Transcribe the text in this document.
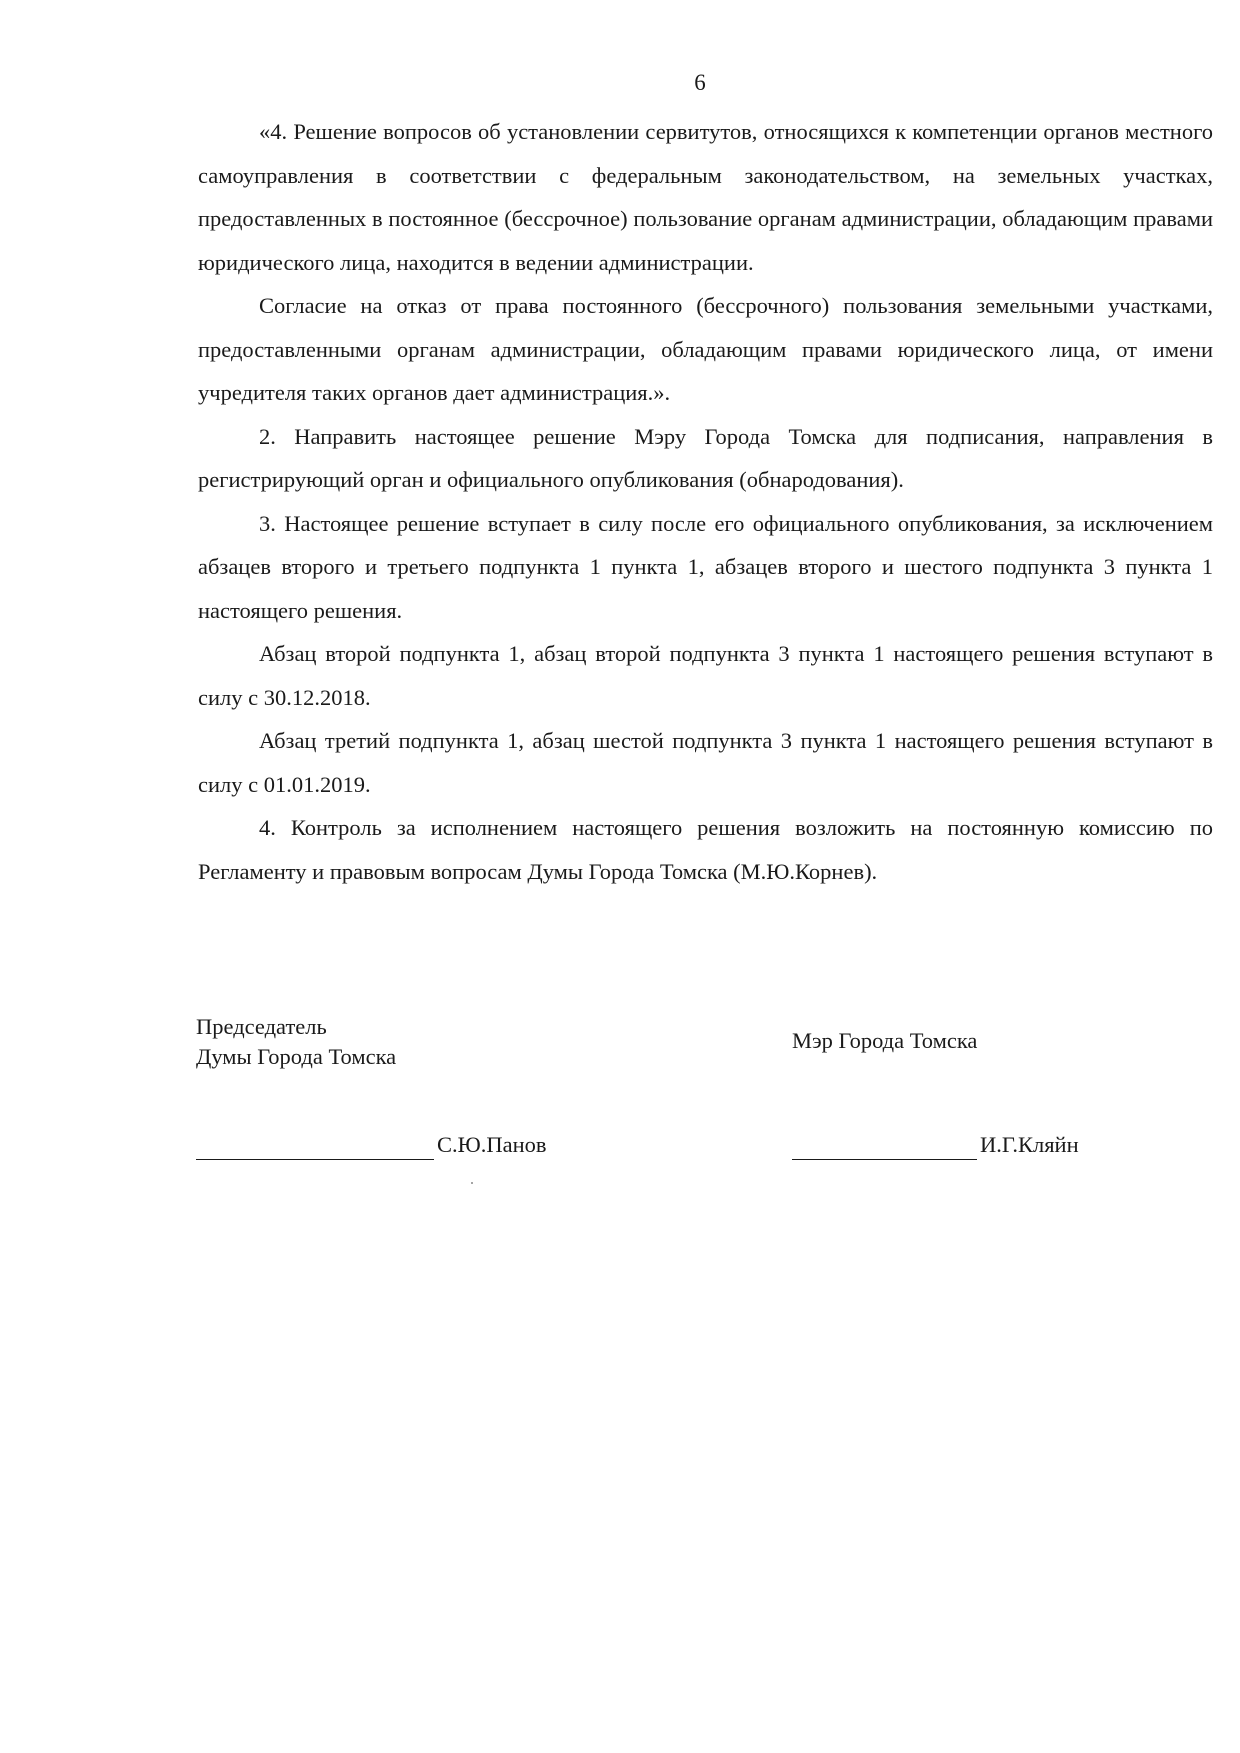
6

«4. Решение вопросов об установлении сервитутов, относящихся к компетенции органов местного самоуправления в соответствии с федеральным законодательством, на земельных участках, предоставленных в постоянное (бессрочное) пользование органам администрации, обладающим правами юридического лица, находится в ведении администрации.

Согласие на отказ от права постоянного (бессрочного) пользования земельными участками, предоставленными органам администрации, обладающим правами юридического лица, от имени учредителя таких органов дает администрация.».

2. Направить настоящее решение Мэру Города Томска для подписания, направления в регистрирующий орган и официального опубликования (обнародования).

3. Настоящее решение вступает в силу после его официального опубликования, за исключением абзацев второго и третьего подпункта 1 пункта 1, абзацев второго и шестого подпункта 3 пункта 1 настоящего решения.

Абзац второй подпункта 1, абзац второй подпункта 3 пункта 1 настоящего решения вступают в силу с 30.12.2018.

Абзац третий подпункта 1, абзац шестой подпункта 3 пункта 1 настоящего решения вступают в силу с 01.01.2019.

4. Контроль за исполнением настоящего решения возложить на постоянную комиссию по Регламенту и правовым вопросам Думы Города Томска (М.Ю.Корнев).

Председатель
Думы Города Томска
Мэр Города Томска
С.Ю.Панов	И.Г.Кляйн
